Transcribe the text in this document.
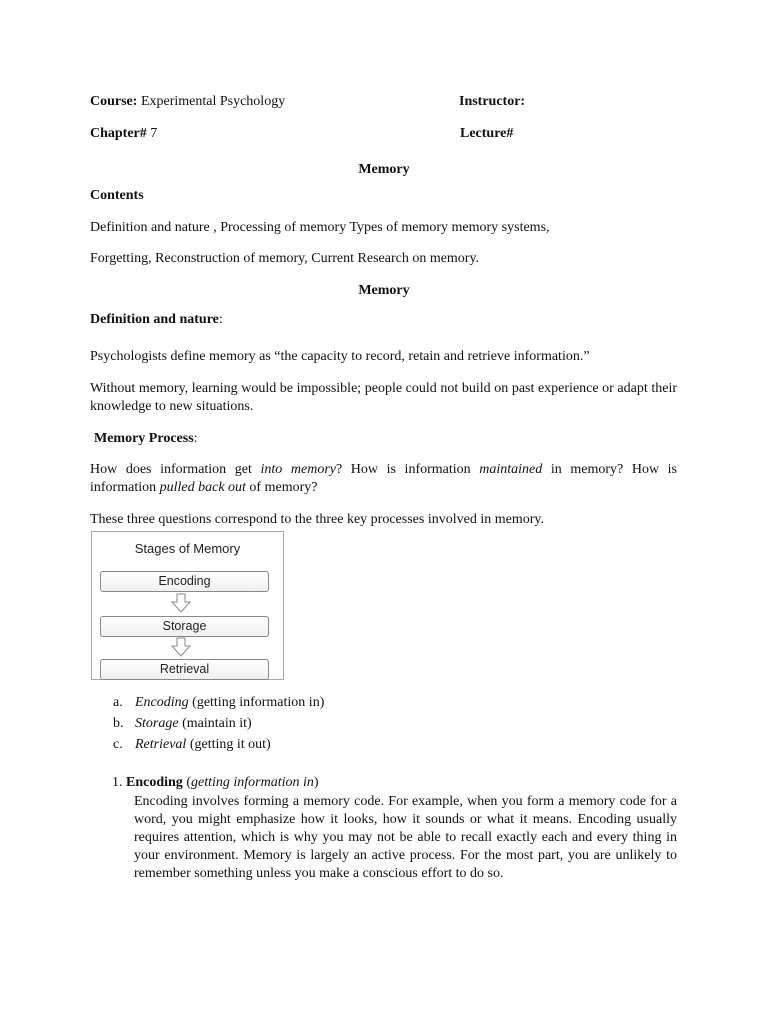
Course: Experimental Psychology	Instructor:
Chapter# 7	Lecture#
Memory
Contents
Definition and nature , Processing of memory Types of memory memory systems,
Forgetting, Reconstruction of memory, Current Research on memory.
Memory
Definition and nature:
Psychologists define memory as “the capacity to record, retain and retrieve information.”
Without memory, learning would be impossible; people could not build on past experience or adapt their knowledge to new situations.
Memory Process:
How does information get into memory? How is information maintained in memory? How is information pulled back out of memory?
These three questions correspond to the three key processes involved in memory.
Stages of Memory
Encoding
Storage
Retrieval
a. Encoding (getting information in)
b. Storage (maintain it)
c. Retrieval (getting it out)
1. Encoding (getting information in)
Encoding involves forming a memory code. For example, when you form a memory code for a word, you might emphasize how it looks, how it sounds or what it means. Encoding usually requires attention, which is why you may not be able to recall exactly each and every thing in your environment. Memory is largely an active process. For the most part, you are unlikely to remember something unless you make a conscious effort to do so.
